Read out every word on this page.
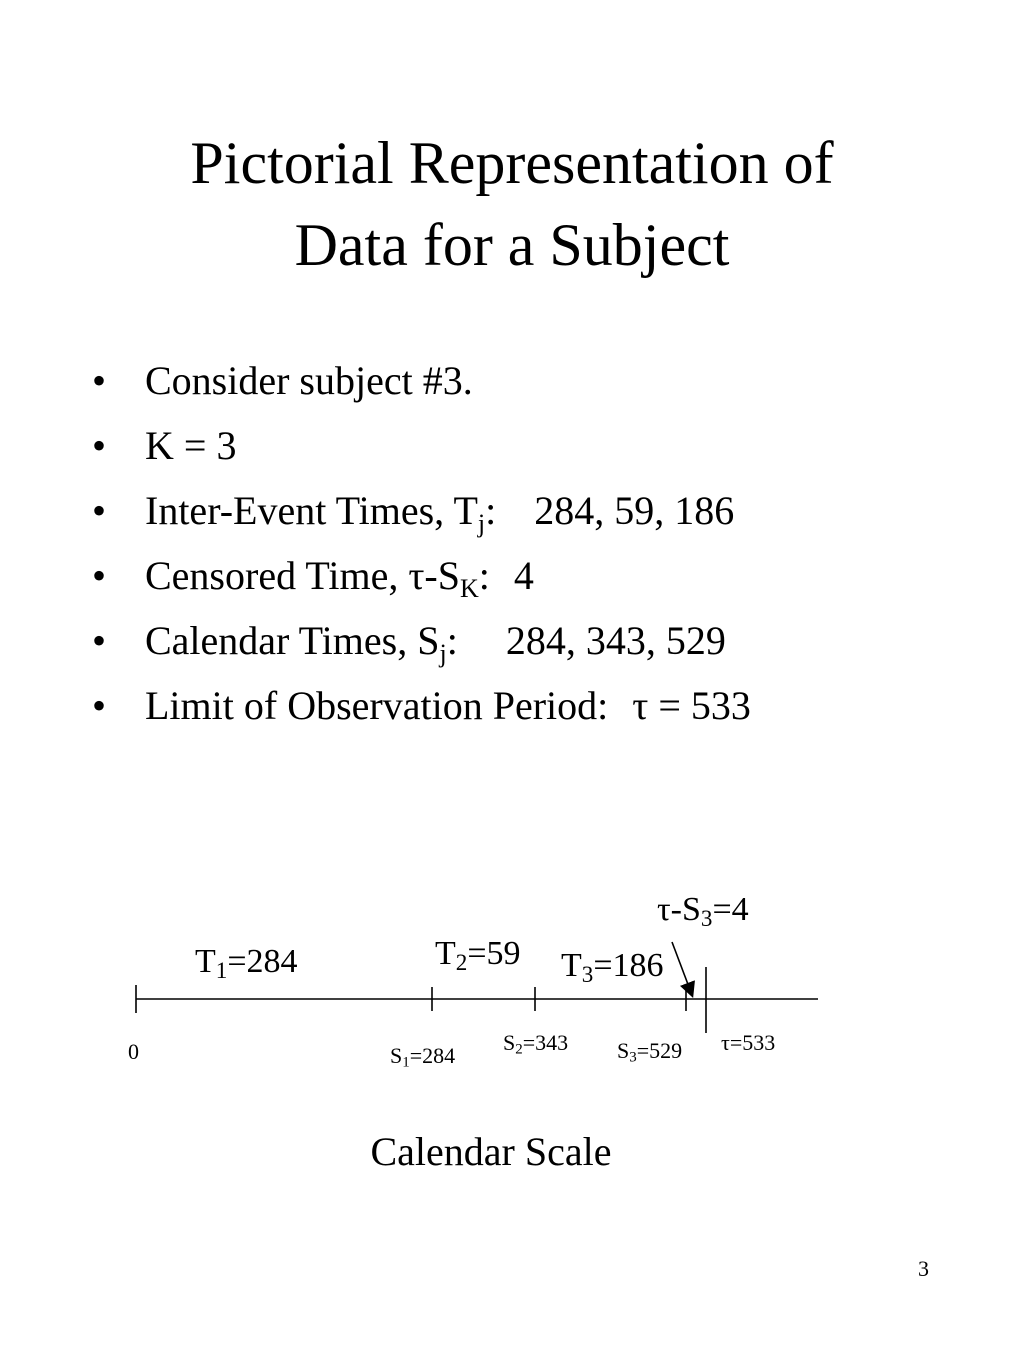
Pictorial Representation of
Data for a Subject
• Consider subject #3.
• K = 3
• Inter-Event Times, $T_j$: 284, 59, 186
• Censored Time, $\tau-S_K$: 4
• Calendar Times, $S_j$: 284, 343, 529
• Limit of Observation Period: τ = 533
$T_1=284$	$T_2=59$ $T_3=186$
$\tau-S_3=4$
0	$S_1=284$
$S_2=343$ $S_3=529$ τ=533
Calendar Scale
3
